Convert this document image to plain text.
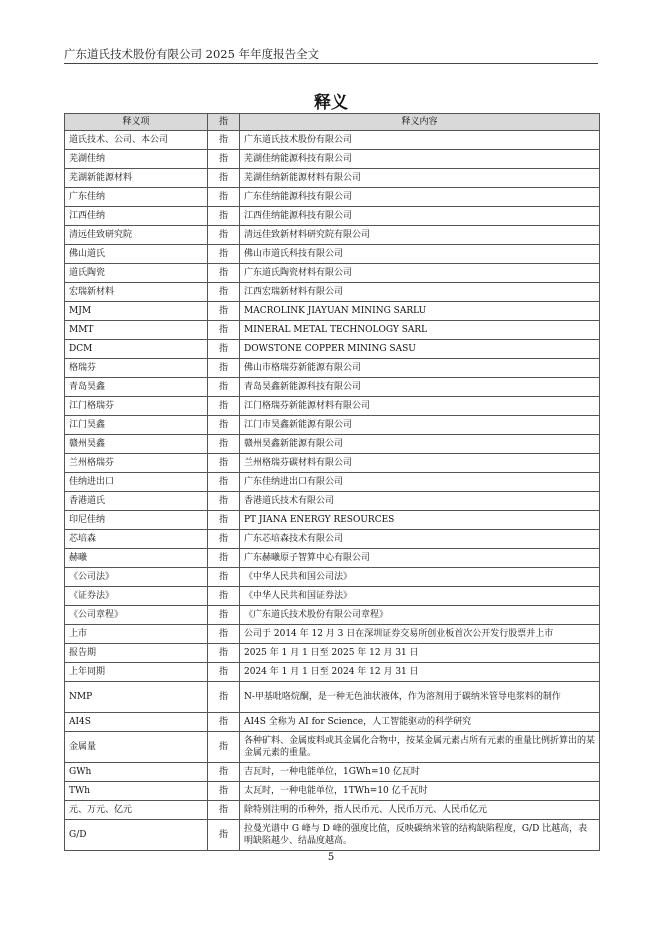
广东道氏技术股份有限公司 2025 年年度报告全文
释义
释义项	指	释义内容
道氏技术、公司、本公司	指	广东道氏技术股份有限公司
芜湖佳纳	指	芜湖佳纳能源科技有限公司
芜湖新能源材料	指	芜湖佳纳新能源材料有限公司
广东佳纳	指	广东佳纳能源科技有限公司
江西佳纳	指	江西佳纳能源科技有限公司
清远佳致研究院	指	清远佳致新材料研究院有限公司
佛山道氏	指	佛山市道氏科技有限公司
道氏陶瓷	指	广东道氏陶瓷材料有限公司
宏瑞新材料	指	江西宏瑞新材料有限公司
MJM	指	MACROLINK JIAYUAN MINING SARLU
MMT	指	MINERAL METAL TECHNOLOGY SARL
DCM	指	DOWSTONE COPPER MINING SASU
格瑞芬	指	佛山市格瑞芬新能源有限公司
青岛昊鑫	指	青岛昊鑫新能源科技有限公司
江门格瑞芬	指	江门格瑞芬新能源材料有限公司
江门昊鑫	指	江门市昊鑫新能源有限公司
赣州昊鑫	指	赣州昊鑫新能源有限公司
兰州格瑞芬	指	兰州格瑞芬碳材料有限公司
佳纳进出口	指	广东佳纳进出口有限公司
香港道氏	指	香港道氏技术有限公司
印尼佳纳	指	PT JIANA ENERGY RESOURCES
芯培森	指	广东芯培森技术有限公司
赫曦	指	广东赫曦原子智算中心有限公司
《公司法》	指	《中华人民共和国公司法》
《证券法》	指	《中华人民共和国证券法》
《公司章程》	指	《广东道氏技术股份有限公司章程》
上市	指	公司于 2014 年 12 月 3 日在深圳证券交易所创业板首次公开发行股票并上市
报告期	指	2025 年 1 月 1 日至 2025 年 12 月 31 日
上年同期	指	2024 年 1 月 1 日至 2024 年 12 月 31 日
NMP	指	N-甲基吡咯烷酮，是一种无色油状液体，作为溶剂用于碳纳米管导电浆料的制作
AI4S	指	AI4S 全称为 AI for Science，人工智能驱动的科学研究
金属量	指	各种矿料、金属废料或其金属化合物中，按某金属元素占所有元素的重量比例折算出的某金属元素的重量。
GWh	指	吉瓦时，一种电能单位，1GWh=10 亿瓦时
TWh	指	太瓦时，一种电能单位，1TWh=10 亿千瓦时
元、万元、亿元	指	除特别注明的币种外，指人民币元、人民币万元、人民币亿元
G/D	指	拉曼光谱中 G 峰与 D 峰的强度比值，反映碳纳米管的结构缺陷程度，G/D 比越高，表明缺陷越少、结晶度越高。
5
